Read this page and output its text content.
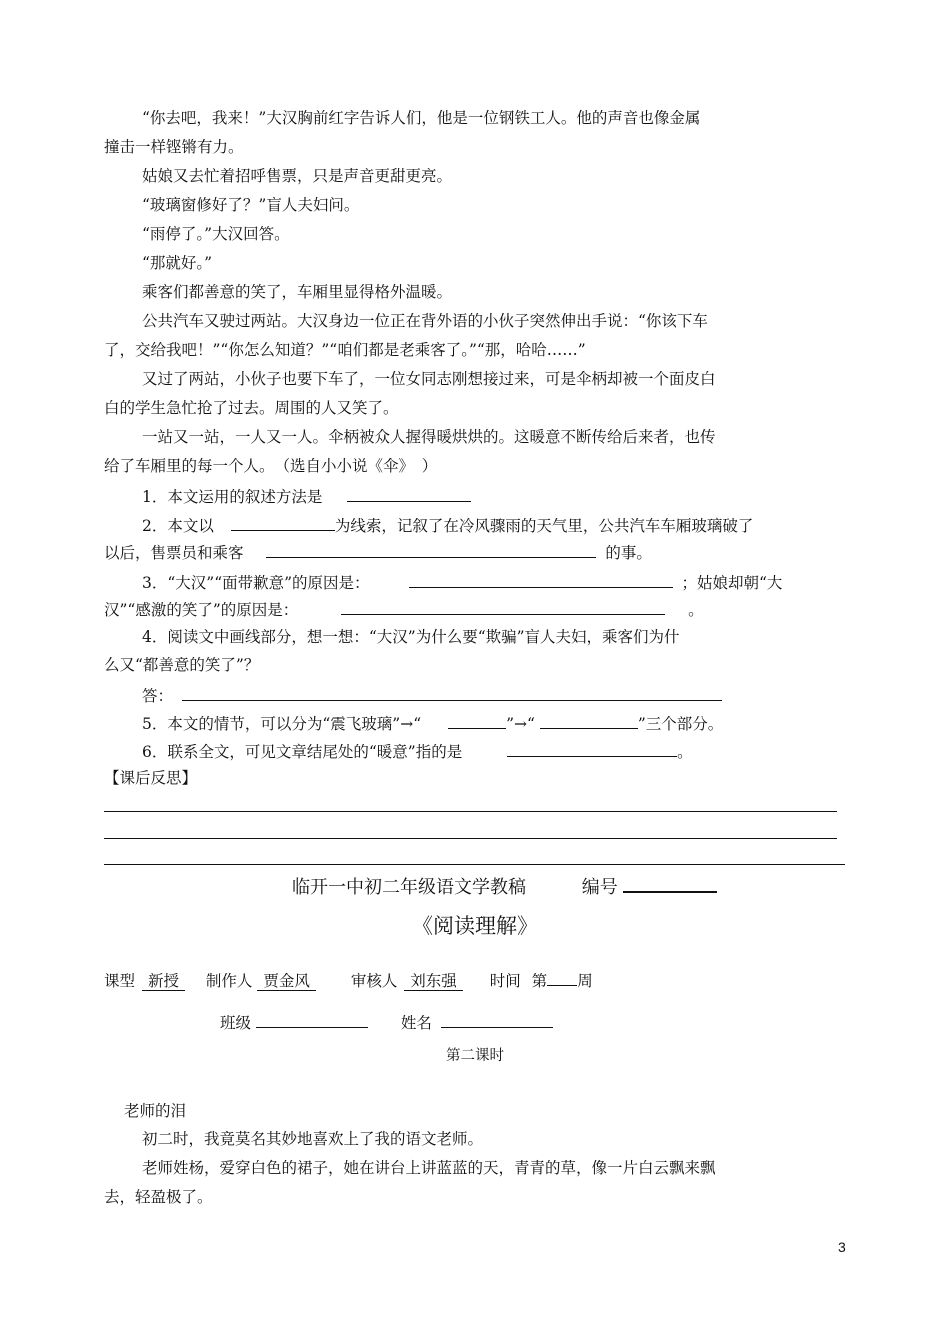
“你去吧，我来！”大汉胸前红字告诉人们，他是一位钢铁工人。他的声音也像金属
撞击一样铿锵有力。
姑娘又去忙着招呼售票，只是声音更甜更亮。
“玻璃窗修好了？”盲人夫妇问。
“雨停了。”大汉回答。
“那就好。”
乘客们都善意的笑了，车厢里显得格外温暖。
公共汽车又驶过两站。大汉身边一位正在背外语的小伙子突然伸出手说：“你该下车
了，交给我吧！”“你怎么知道？”“咱们都是老乘客了。”“那，哈哈……”
又过了两站，小伙子也要下车了，一位女同志刚想接过来，可是伞柄却被一个面皮白
白的学生急忙抢了过去。周围的人又笑了。
一站又一站，一人又一人。伞柄被众人握得暖烘烘的。这暖意不断传给后来者，也传
给了车厢里的每一个人。　（选自小小说《伞》　）
1．本文运用的叙述方法是
2．本文以	为线索，记叙了在冷风骤雨的天气里，公共汽车车厢玻璃破了
以后，售票员和乘客	的事。
3．“大汉”“面带歉意”的原因是：	；姑娘却朝“大
汉”“感激的笑了”的原因是：	。
4．阅读文中画线部分，想一想：“大汉”为什么要“欺骗”盲人夫妇，乘客们为什
么又“都善意的笑了”？
答：
5．本文的情节，可以分为“震飞玻璃”→“	”→“	”三个部分。
6．联系全文，可见文章结尾处的“暖意”指的是	。
【课后反思】
临开一中初二年级语文学教稿	编号
《阅读理解》
课型 新授 制作人 贾金风	审核人 刘东强 时间 第 周
班级	姓名
第二课时
老师的泪
初二时，我竟莫名其妙地喜欢上了我的语文老师。
老师姓杨，爱穿白色的裙子，她在讲台上讲蓝蓝的天，青青的草，像一片白云飘来飘
去，轻盈极了。
3
